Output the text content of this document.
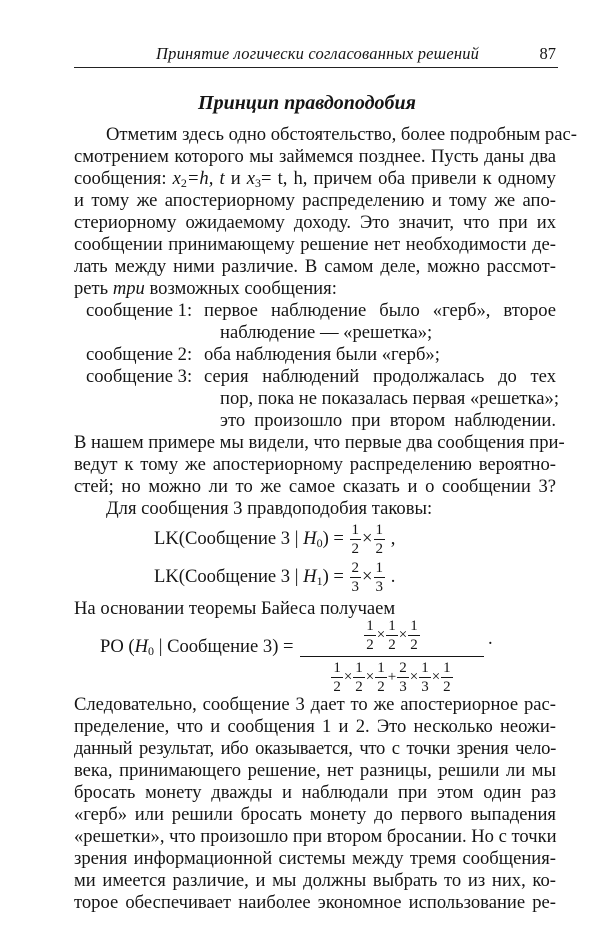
Принятие логически согласованных решений	87
Принцип правдоподобия
Отметим здесь одно обстоятельство, более подробным рас-
смотрением которого мы займемся позднее. Пусть даны два
сообщения: $x_2=h$, t и $x_3= t$, h, причем оба привели к одному
и тому же апостериорному распределению и тому же апо-
стериорному ожидаемому доходу. Это значит, что при их
сообщении принимающему решение нет необходимости де-
лать между ними различие. В самом деле, можно рассмот-
реть три возможных сообщения:
сообщение 1: первое наблюдение было «герб», второе
наблюдение — «решетка»;
сообщение 2: оба наблюдения были «герб»;
сообщение 3: серия наблюдений продолжалась до тех
пор, пока не показалась первая «решетка»;
это произошло при втором наблюдении.
В нашем примере мы видели, что первые два сообщения при-
ведут к тому же апостериорному распределению вероятно-
стей; но можно ли то же самое сказать и о сообщении 3?
Для сообщения 3 правдоподобия таковы:
LK(Сообщение 3 | $H_0) = \frac{1}{2} \times \frac{1}{2}$ ,
LK(Сообщение 3 | $H_1) = \frac{2}{3} \times \frac{1}{3}$ .
На основании теоремы Байеса получаем
PO ($H_0$ | Сообщение 3) =	$\frac{1}{2} \times \frac{1}{2} \times \frac{1}{2}$
$\frac{1}{2} \times \frac{1}{2} \times \frac{1}{2} + \frac{2}{3} \times \frac{1}{3} \times \frac{1}{2}$
.
Следовательно, сообщение 3 дает то же апостериорное рас-
пределение, что и сообщения 1 и 2. Это несколько неожи-
данный результат, ибо оказывается, что с точки зрения чело-
века, принимающего решение, нет разницы, решили ли мы
бросать монету дважды и наблюдали при этом один раз
«герб» или решили бросать монету до первого выпадения
«решетки», что произошло при втором бросании. Но с точки
зрения информационной системы между тремя сообщения-
ми имеется различие, и мы должны выбрать то из них, ко-
торое обеспечивает наиболее экономное использование ре-
